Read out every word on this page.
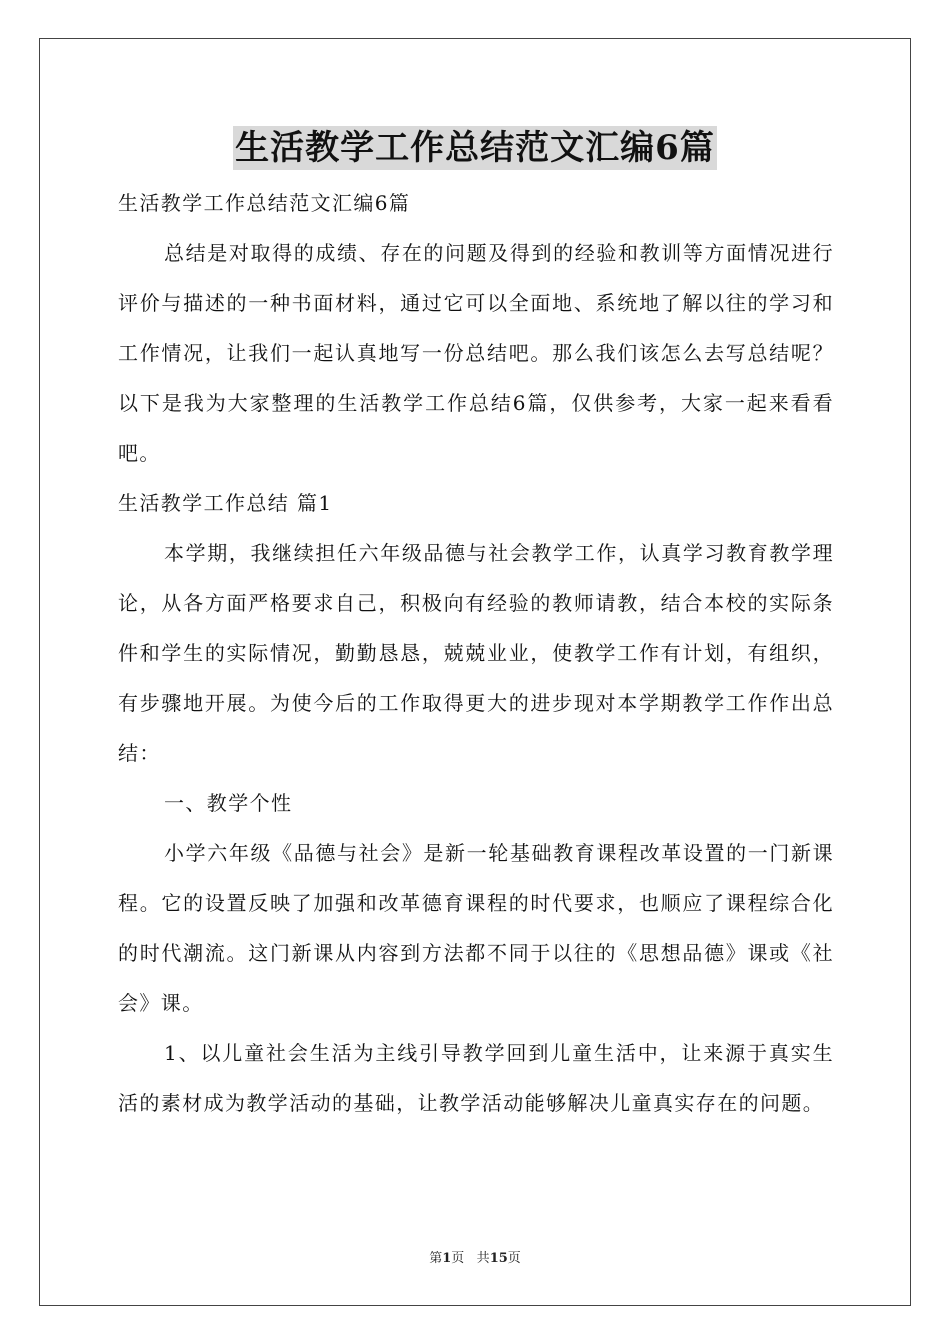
生活教学工作总结范文汇编6篇

生活教学工作总结范文汇编6篇

总结是对取得的成绩、存在的问题及得到的经验和教训等方面情况进行评价与描述的一种书面材料，通过它可以全面地、系统地了解以往的学习和工作情况，让我们一起认真地写一份总结吧。那么我们该怎么去写总结呢？以下是我为大家整理的生活教学工作总结6篇，仅供参考，大家一起来看看吧。

生活教学工作总结 篇1

本学期，我继续担任六年级品德与社会教学工作，认真学习教育教学理论，从各方面严格要求自己，积极向有经验的教师请教，结合本校的实际条件和学生的实际情况，勤勤恳恳，兢兢业业，使教学工作有计划，有组织，有步骤地开展。为使今后的工作取得更大的进步现对本学期教学工作作出总结：

一、教学个性

小学六年级《品德与社会》是新一轮基础教育课程改革设置的一门新课程。它的设置反映了加强和改革德育课程的时代要求，也顺应了课程综合化的时代潮流。这门新课从内容到方法都不同于以往的《思想品德》课或《社会》课。

1、以儿童社会生活为主线引导教学回到儿童生活中，让来源于真实生活的素材成为教学活动的基础，让教学活动能够解决儿童真实存在的问题。

第1页 共15页
